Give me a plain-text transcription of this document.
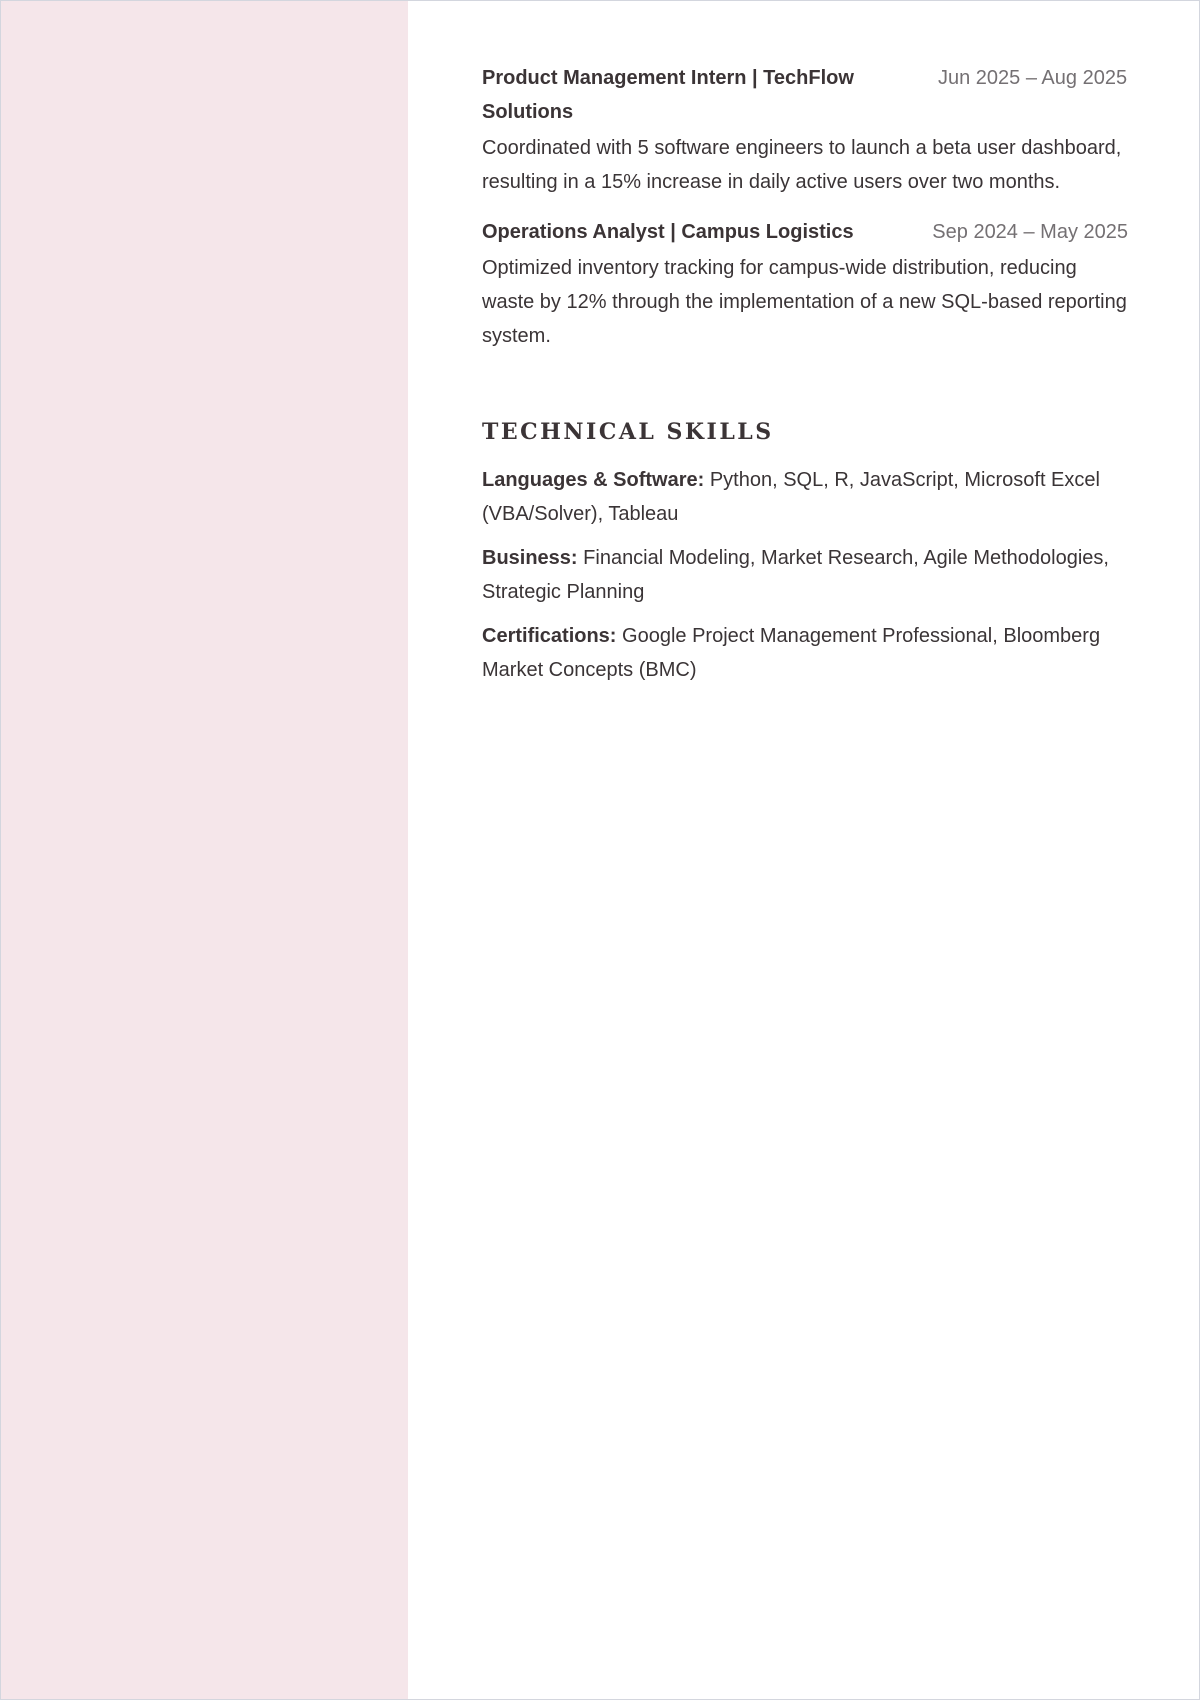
Product Management Intern | TechFlow Solutions
Jun 2025 – Aug 2025
Coordinated with 5 software engineers to launch a beta user dashboard, resulting in a 15% increase in daily active users over two months.
Operations Analyst | Campus Logistics	Sep 2024 – May 2025
Optimized inventory tracking for campus-wide distribution, reducing waste by 12% through the implementation of a new SQL-based reporting system.
TECHNICAL SKILLS
Languages & Software: Python, SQL, R, JavaScript, Microsoft Excel (VBA/Solver), Tableau
Business: Financial Modeling, Market Research, Agile Methodologies, Strategic Planning
Certifications: Google Project Management Professional, Bloomberg Market Concepts (BMC)
